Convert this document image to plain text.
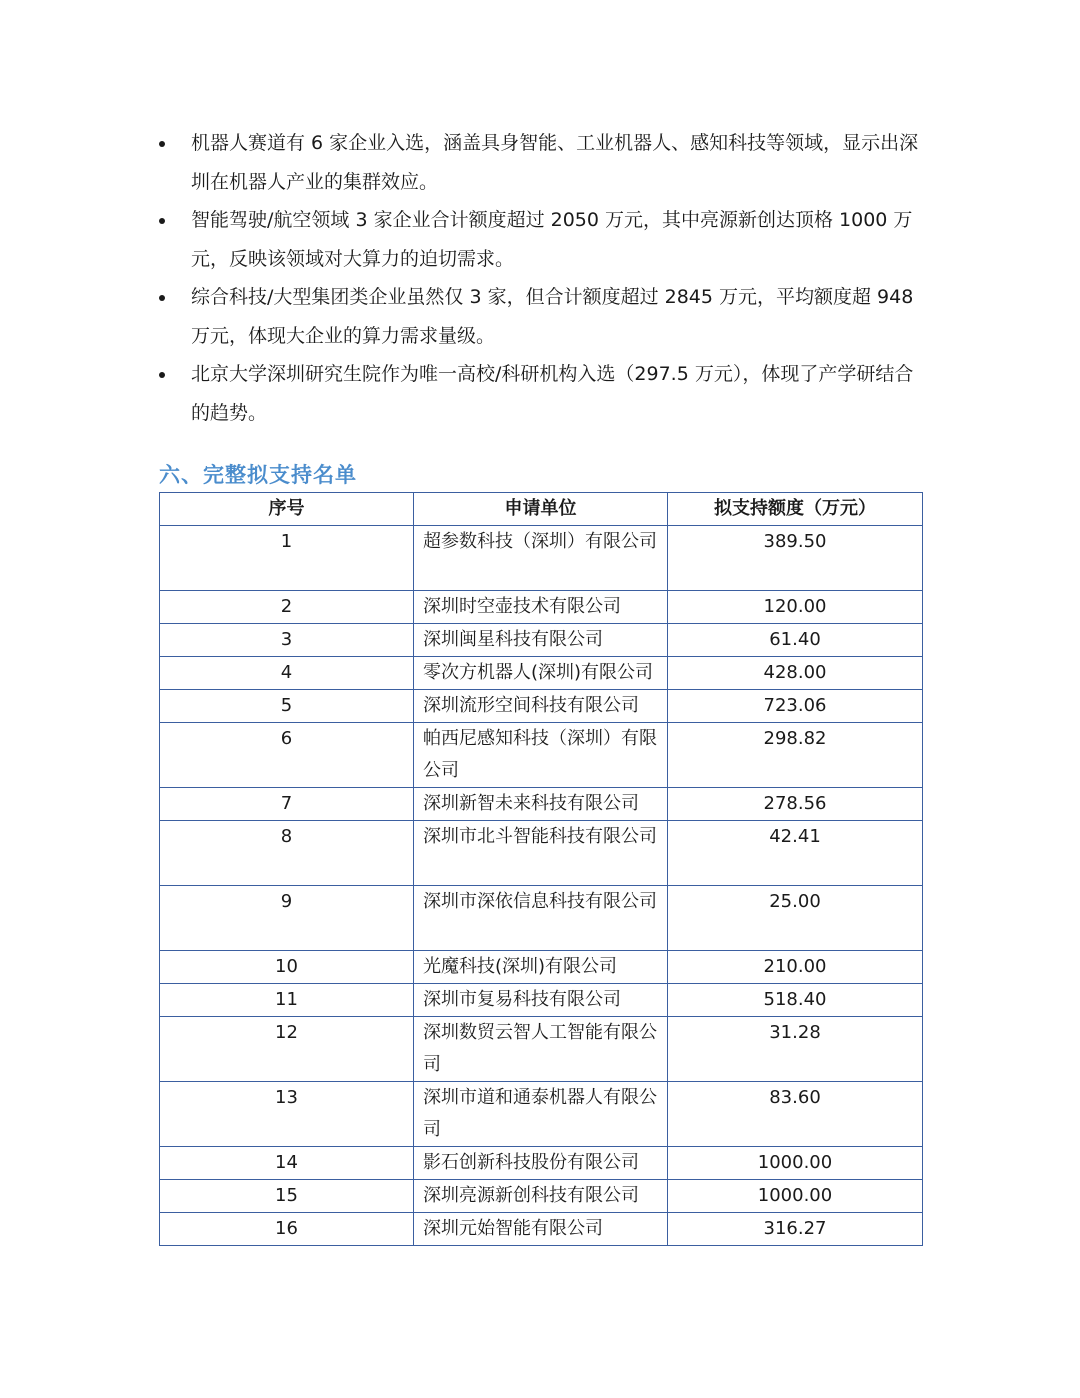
机器人赛道有 6 家企业入选，涵盖具身智能、工业机器人、感知科技等领域，显示出深圳在机器人产业的集群效应。
智能驾驶/航空领域 3 家企业合计额度超过 2050 万元，其中亮源新创达顶格 1000 万元，反映该领域对大算力的迫切需求。
综合科技/大型集团类企业虽然仅 3 家，但合计额度超过 2845 万元，平均额度超 948 万元，体现大企业的算力需求量级。
北京大学深圳研究生院作为唯一高校/科研机构入选（297.5 万元），体现了产学研结合的趋势。
六、完整拟支持名单
序号	申请单位	拟支持额度（万元）
1	超参数科技（深圳）有限公司	389.50
2	深圳时空壶技术有限公司	120.00
3	深圳闽星科技有限公司	61.40
4	零次方机器人(深圳)有限公司	428.00
5	深圳流形空间科技有限公司	723.06
6	帕西尼感知科技（深圳）有限公司	298.82
7	深圳新智未来科技有限公司	278.56
8	深圳市北斗智能科技有限公司	42.41
9	深圳市深依信息科技有限公司	25.00
10	光魔科技(深圳)有限公司	210.00
11	深圳市复易科技有限公司	518.40
12	深圳数贸云智人工智能有限公司	31.28
13	深圳市道和通泰机器人有限公司	83.60
14	影石创新科技股份有限公司	1000.00
15	深圳亮源新创科技有限公司	1000.00
16	深圳元始智能有限公司	316.27
